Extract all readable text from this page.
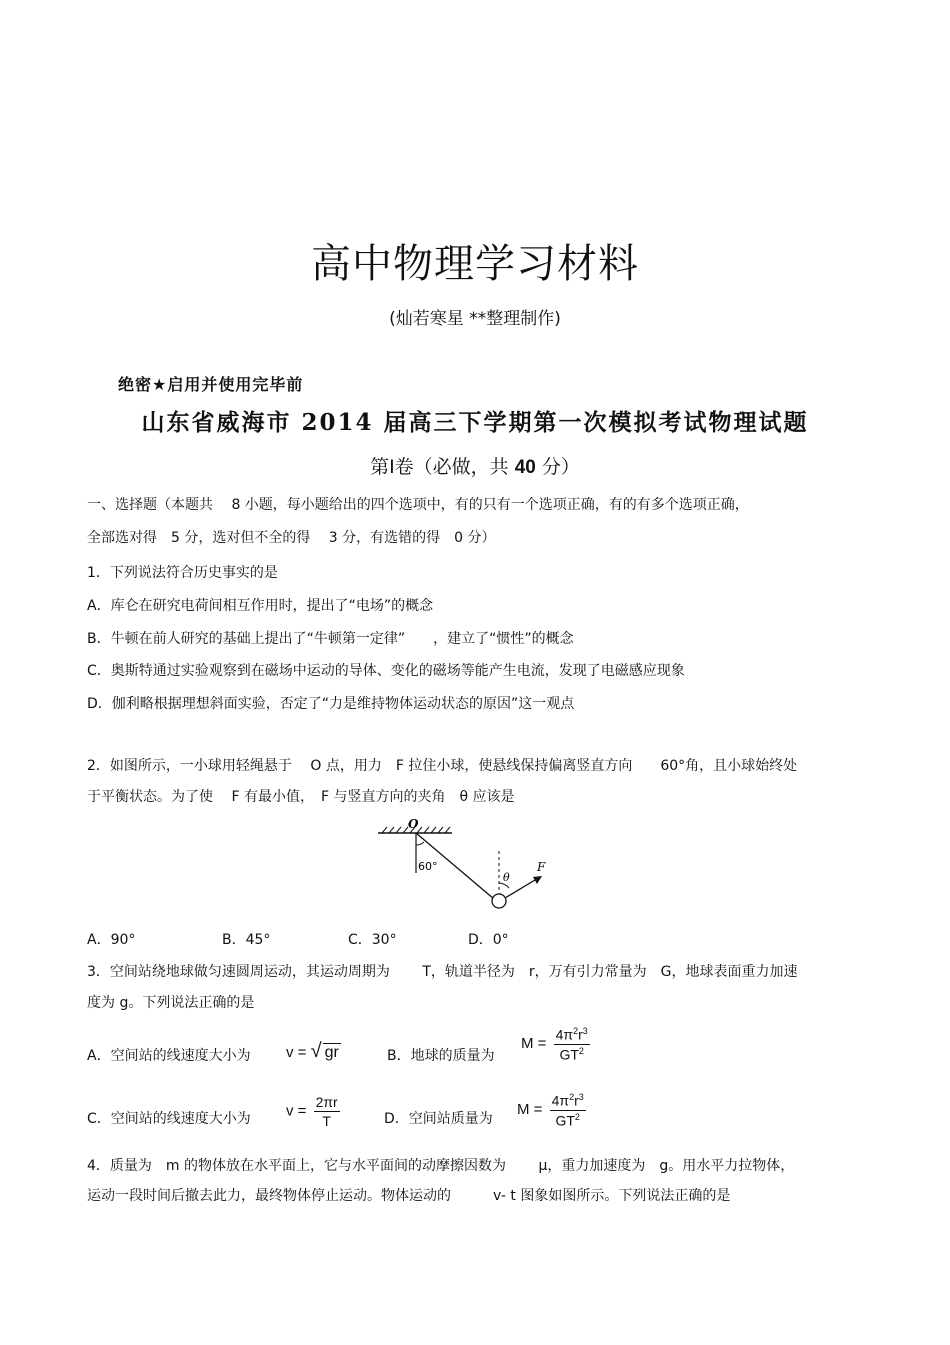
高中物理学习材料
(灿若寒星 **整理制作)
绝密★启用并使用完毕前
山东省威海市 2014 届高三下学期第一次模拟考试物理试题
第Ⅰ卷（必做，共 40 分）
一、选择题（本题共　 8 小题，每小题给出的四个选项中，有的只有一个选项正确，有的有多个选项正确，
全部选对得　5 分，选对但不全的得　 3 分，有选错的得　0 分）
1．下列说法符合历史事实的是
A．库仑在研究电荷间相互作用时，提出了“电场”的概念
B．牛顿在前人研究的基础上提出了“牛顿第一定律”　　，建立了“惯性”的概念
C．奥斯特通过实验观察到在磁场中运动的导体、变化的磁场等能产生电流，发现了电磁感应现象
D．伽利略根据理想斜面实验，否定了“力是维持物体运动状态的原因”这一观点
2．如图所示，一小球用轻绳悬于　 O 点，用力　F 拉住小球，使悬线保持偏离竖直方向　　60°角，且小球始终处
于平衡状态。为了使　 F 有最小值，　F 与竖直方向的夹角　θ 应该是
O
60°
θ
F
A．90°	B．45°	C．30°	D．0°
3．空间站绕地球做匀速圆周运动，其运动周期为　　 T，轨道半径为　r，万有引力常量为　G，地球表面重力加速
度为 g。下列说法正确的是
A．空间站的线速度大小为 v = √ gr	B．地球的质量为
$M = \frac{4\pi^2r^3}{GT^2}$
C．空间站的线速度大小为 $v = \frac{2\pi r}{T}$	D．空间站质量为
$M = \frac{4\pi^2r^3}{GT^2}$
4．质量为　m 的物体放在水平面上，它与水平面间的动摩擦因数为　　 μ，重力加速度为　g。用水平力拉物体，
运动一段时间后撤去此力，最终物体停止运动。物体运动的　　　v- t 图象如图所示。下列说法正确的是
